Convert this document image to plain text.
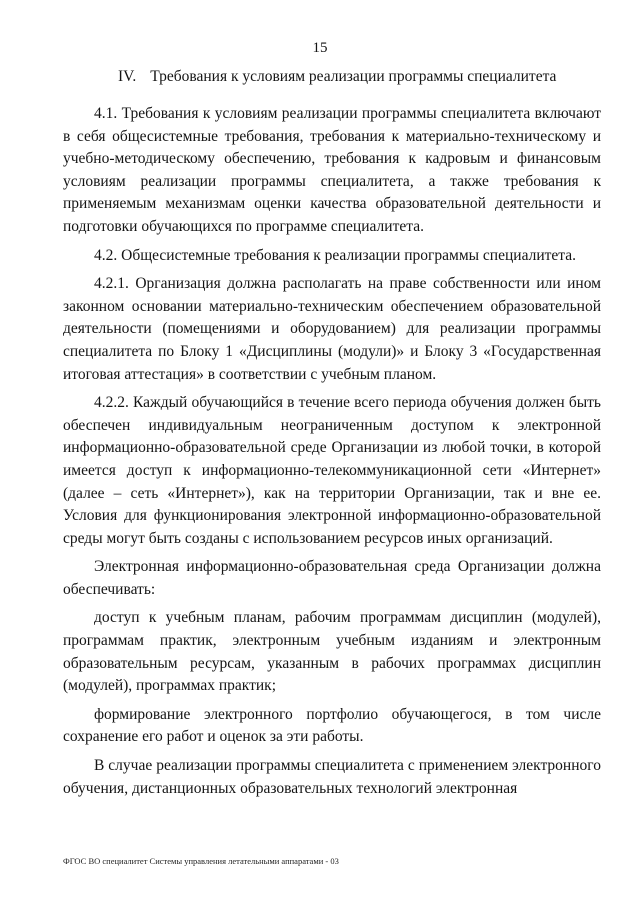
15
IV. Требования к условиям реализации программы специалитета

4.1. Требования к условиям реализации программы специалитета включают в себя общесистемные требования, требования к материально-техническому и учебно-методическому обеспечению, требования к кадровым и финансовым условиям реализации программы специалитета, а также требования к применяемым механизмам оценки качества образовательной деятельности и подготовки обучающихся по программе специалитета.

4.2. Общесистемные требования к реализации программы специалитета.

4.2.1. Организация должна располагать на праве собственности или ином законном основании материально-техническим обеспечением образовательной деятельности (помещениями и оборудованием) для реализации программы специалитета по Блоку 1 «Дисциплины (модули)» и Блоку 3 «Государственная итоговая аттестация» в соответствии с учебным планом.

4.2.2. Каждый обучающийся в течение всего периода обучения должен быть обеспечен индивидуальным неограниченным доступом к электронной информационно-образовательной среде Организации из любой точки, в которой имеется доступ к информационно-телекоммуникационной сети «Интернет» (далее – сеть «Интернет»), как на территории Организации, так и вне ее. Условия для функционирования электронной информационно-образовательной среды могут быть созданы с использованием ресурсов иных организаций.

Электронная информационно-образовательная среда Организации должна обеспечивать:

доступ к учебным планам, рабочим программам дисциплин (модулей), программам практик, электронным учебным изданиям и электронным образовательным ресурсам, указанным в рабочих программах дисциплин (модулей), программах практик;

формирование электронного портфолио обучающегося, в том числе сохранение его работ и оценок за эти работы.

В случае реализации программы специалитета с применением электронного обучения, дистанционных образовательных технологий электронная

ФГОС ВО специалитет Системы управления летательными аппаратами - 03
